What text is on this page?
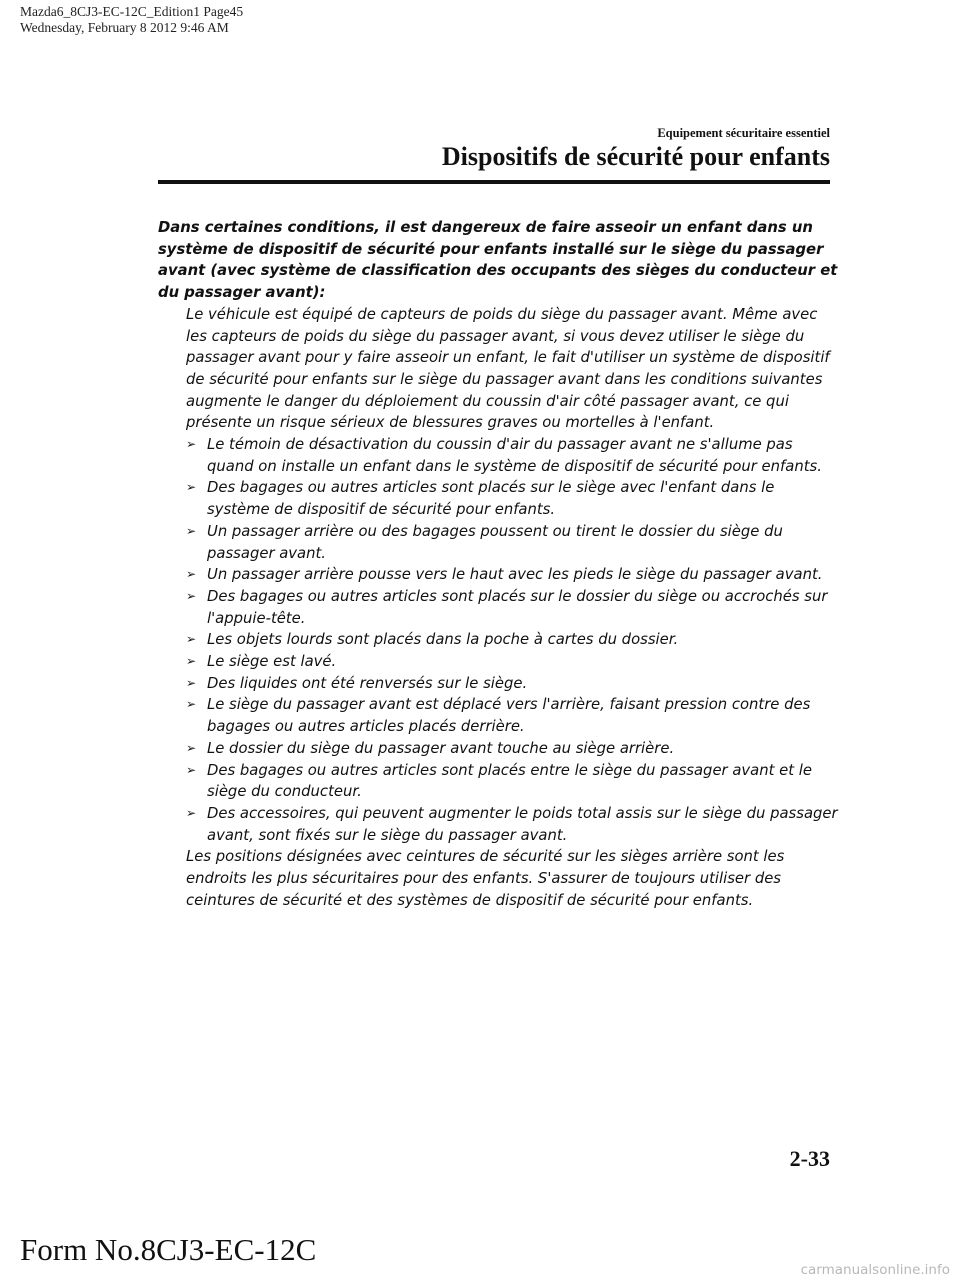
Mazda6_8CJ3-EC-12C_Edition1 Page45
Wednesday, February 8 2012 9:46 AM
Equipement sécuritaire essentiel
Dispositifs de sécurité pour enfants

Dans certaines conditions, il est dangereux de faire asseoir un enfant dans un système de dispositif de sécurité pour enfants installé sur le siège du passager avant (avec système de classification des occupants des sièges du conducteur et du passager avant):

Le véhicule est équipé de capteurs de poids du siège du passager avant. Même avec les capteurs de poids du siège du passager avant, si vous devez utiliser le siège du passager avant pour y faire asseoir un enfant, le fait d'utiliser un système de dispositif de sécurité pour enfants sur le siège du passager avant dans les conditions suivantes augmente le danger du déploiement du coussin d'air côté passager avant, ce qui présente un risque sérieux de blessures graves ou mortelles à l'enfant.

➢ Le témoin de désactivation du coussin d'air du passager avant ne s'allume pas quand on installe un enfant dans le système de dispositif de sécurité pour enfants.
➢ Des bagages ou autres articles sont placés sur le siège avec l'enfant dans le système de dispositif de sécurité pour enfants.
➢ Un passager arrière ou des bagages poussent ou tirent le dossier du siège du passager avant.
➢ Un passager arrière pousse vers le haut avec les pieds le siège du passager avant.
➢ Des bagages ou autres articles sont placés sur le dossier du siège ou accrochés sur l'appuie-tête.
➢ Les objets lourds sont placés dans la poche à cartes du dossier.
➢ Le siège est lavé.
➢ Des liquides ont été renversés sur le siège.
➢ Le siège du passager avant est déplacé vers l'arrière, faisant pression contre des bagages ou autres articles placés derrière.
➢ Le dossier du siège du passager avant touche au siège arrière.
➢ Des bagages ou autres articles sont placés entre le siège du passager avant et le siège du conducteur.
➢ Des accessoires, qui peuvent augmenter le poids total assis sur le siège du passager avant, sont fixés sur le siège du passager avant.

Les positions désignées avec ceintures de sécurité sur les sièges arrière sont les endroits les plus sécuritaires pour des enfants. S'assurer de toujours utiliser des ceintures de sécurité et des systèmes de dispositif de sécurité pour enfants.

2-33
Form No.8CJ3-EC-12C
carmanualsonline.info
